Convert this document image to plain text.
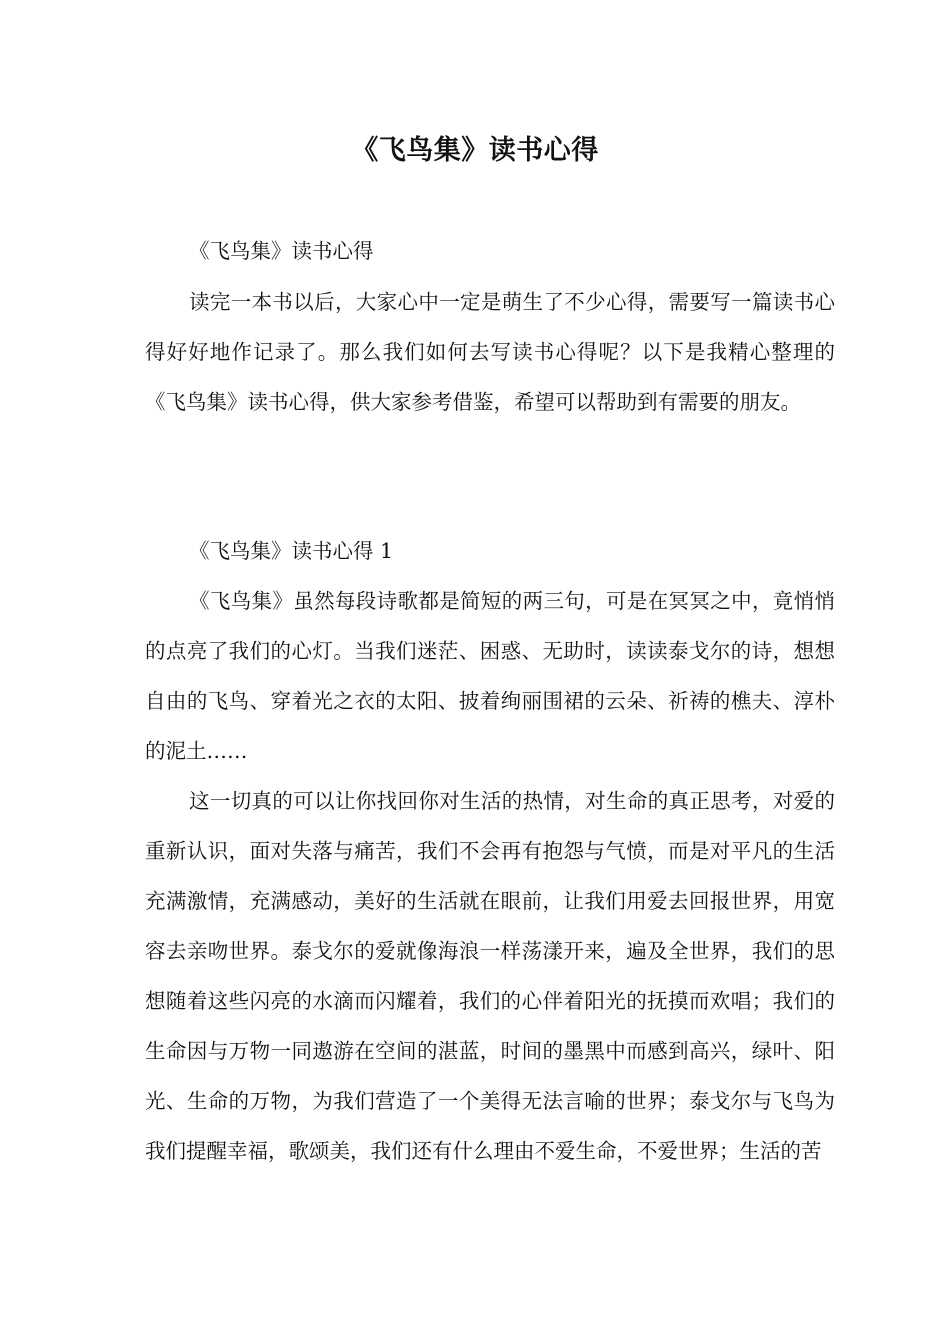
《飞鸟集》读书心得
《飞鸟集》读书心得
读完一本书以后，大家心中一定是萌生了不少心得，需要写一篇读书心得好好地作记录了。那么我们如何去写读书心得呢？以下是我精心整理的《飞鸟集》读书心得，供大家参考借鉴，希望可以帮助到有需要的朋友。
《飞鸟集》读书心得 1
《飞鸟集》虽然每段诗歌都是简短的两三句，可是在冥冥之中，竟悄悄的点亮了我们的心灯。当我们迷茫、困惑、无助时，读读泰戈尔的诗，想想自由的飞鸟、穿着光之衣的太阳、披着绚丽围裙的云朵、祈祷的樵夫、淳朴的泥土……
这一切真的可以让你找回你对生活的热情，对生命的真正思考，对爱的重新认识，面对失落与痛苦，我们不会再有抱怨与气愤，而是对平凡的生活充满激情，充满感动，美好的生活就在眼前，让我们用爱去回报世界，用宽容去亲吻世界。泰戈尔的爱就像海浪一样荡漾开来，遍及全世界，我们的思想随着这些闪亮的水滴而闪耀着，我们的心伴着阳光的抚摸而欢唱；我们的生命因与万物一同遨游在空间的湛蓝，时间的墨黑中而感到高兴，绿叶、阳光、生命的万物，为我们营造了一个美得无法言喻的世界；泰戈尔与飞鸟为我们提醒幸福，歌颂美，我们还有什么理由不爱生命，不爱世界；生活的苦
